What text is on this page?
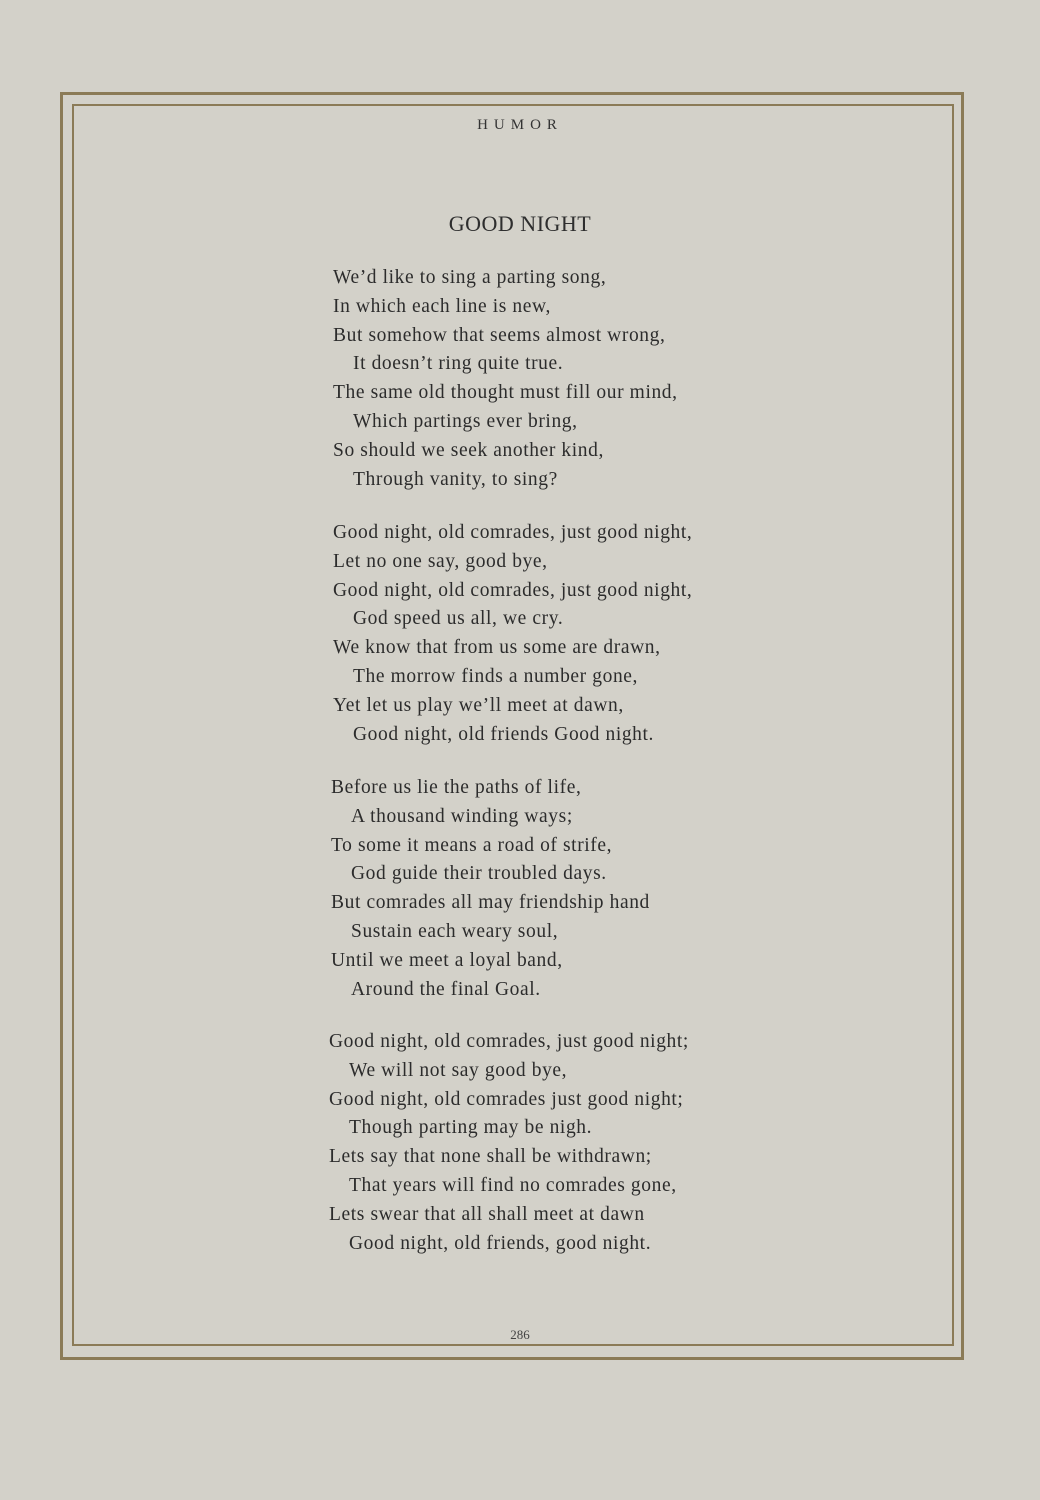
HUMOR
GOOD NIGHT
We’d like to sing a parting song,
In which each line is new,
But somehow that seems almost wrong,
It doesn’t ring quite true.
The same old thought must fill our mind,
Which partings ever bring,
So should we seek another kind,
Through vanity, to sing?
Good night, old comrades, just good night,
Let no one say, good bye,
Good night, old comrades, just good night,
God speed us all, we cry.
We know that from us some are drawn,
The morrow finds a number gone,
Yet let us play we’ll meet at dawn,
Good night, old friends Good night.
Before us lie the paths of life,
A thousand winding ways;
To some it means a road of strife,
God guide their troubled days.
But comrades all may friendship hand
Sustain each weary soul,
Until we meet a loyal band,
Around the final Goal.
Good night, old comrades, just good night;
We will not say good bye,
Good night, old comrades just good night;
Though parting may be nigh.
Lets say that none shall be withdrawn;
That years will find no comrades gone,
Lets swear that all shall meet at dawn
Good night, old friends, good night.
286
